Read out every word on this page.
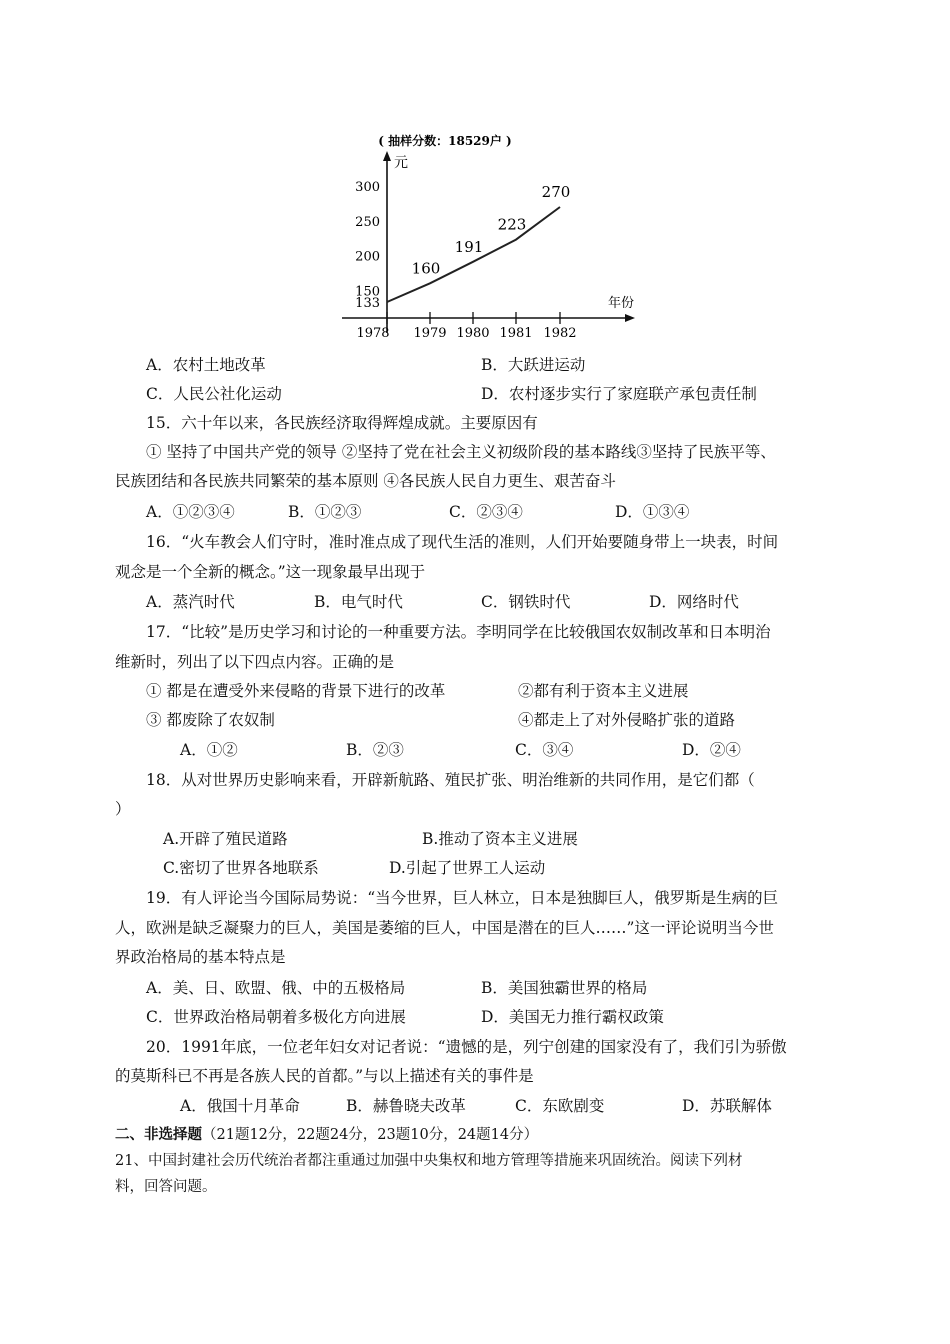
( 抽样分数：18529户 )
元
年份
300
250
200
150
133
1978 1979 1980 1981 1982
160
191
223
270
A．农村土地改革	B．大跃进运动
C．人民公社化运动	D．农村逐步实行了家庭联产承包责任制
15．六十年以来，各民族经济取得辉煌成就。主要原因有
① 坚持了中国共产党的领导 ②坚持了党在社会主义初级阶段的基本路线③坚持了民族平等、
民族团结和各民族共同繁荣的基本原则 ④各民族人民自力更生、艰苦奋斗
A．①②③④	B．①②③	C．②③④	D．①③④
16．“火车教会人们守时，准时准点成了现代生活的准则，人们开始要随身带上一块表，时间
观念是一个全新的概念。”这一现象最早出现于
A．蒸汽时代	B．电气时代	C．钢铁时代	D．网络时代
17．“比较”是历史学习和讨论的一种重要方法。李明同学在比较俄国农奴制改革和日本明治
维新时，列出了以下四点内容。正确的是
① 都是在遭受外来侵略的背景下进行的改革	②都有利于资本主义进展
③ 都废除了农奴制	④都走上了对外侵略扩张的道路
A．①②	B．②③	C．③④	D．②④
18．从对世界历史影响来看，开辟新航路、殖民扩张、明治维新的共同作用，是它们都（
）
A.开辟了殖民道路	B.推动了资本主义进展
C.密切了世界各地联系	D.引起了世界工人运动
19．有人评论当今国际局势说：“当今世界，巨人林立，日本是独脚巨人，俄罗斯是生病的巨
人，欧洲是缺乏凝聚力的巨人，美国是萎缩的巨人，中国是潜在的巨人……”这一评论说明当今世
界政治格局的基本特点是
A．美、日、欧盟、俄、中的五极格局	B．美国独霸世界的格局
C．世界政治格局朝着多极化方向进展	D．美国无力推行霸权政策
20．1991年底，一位老年妇女对记者说：“遗憾的是，列宁创建的国家没有了，我们引为骄傲
的莫斯科已不再是各族人民的首都。”与以上描述有关的事件是
A．俄国十月革命	B．赫鲁晓夫改革	C．东欧剧变	D．苏联解体
二、非选择题（21题12分，22题24分，23题10分，24题14分）
21、中国封建社会历代统治者都注重通过加强中央集权和地方管理等措施来巩固统治。阅读下列材
料，回答问题。
